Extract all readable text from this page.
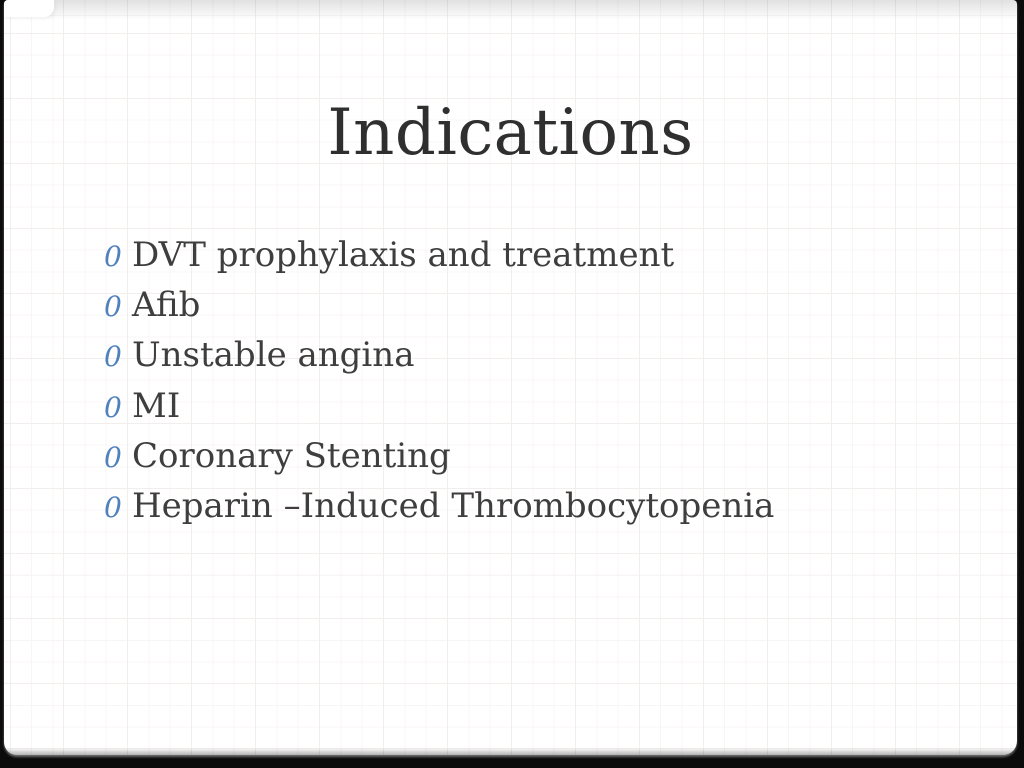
Indications
0 DVT prophylaxis and treatment
0 Afib
0 Unstable angina
0 MI
0 Coronary Stenting
0 Heparin –Induced Thrombocytopenia
